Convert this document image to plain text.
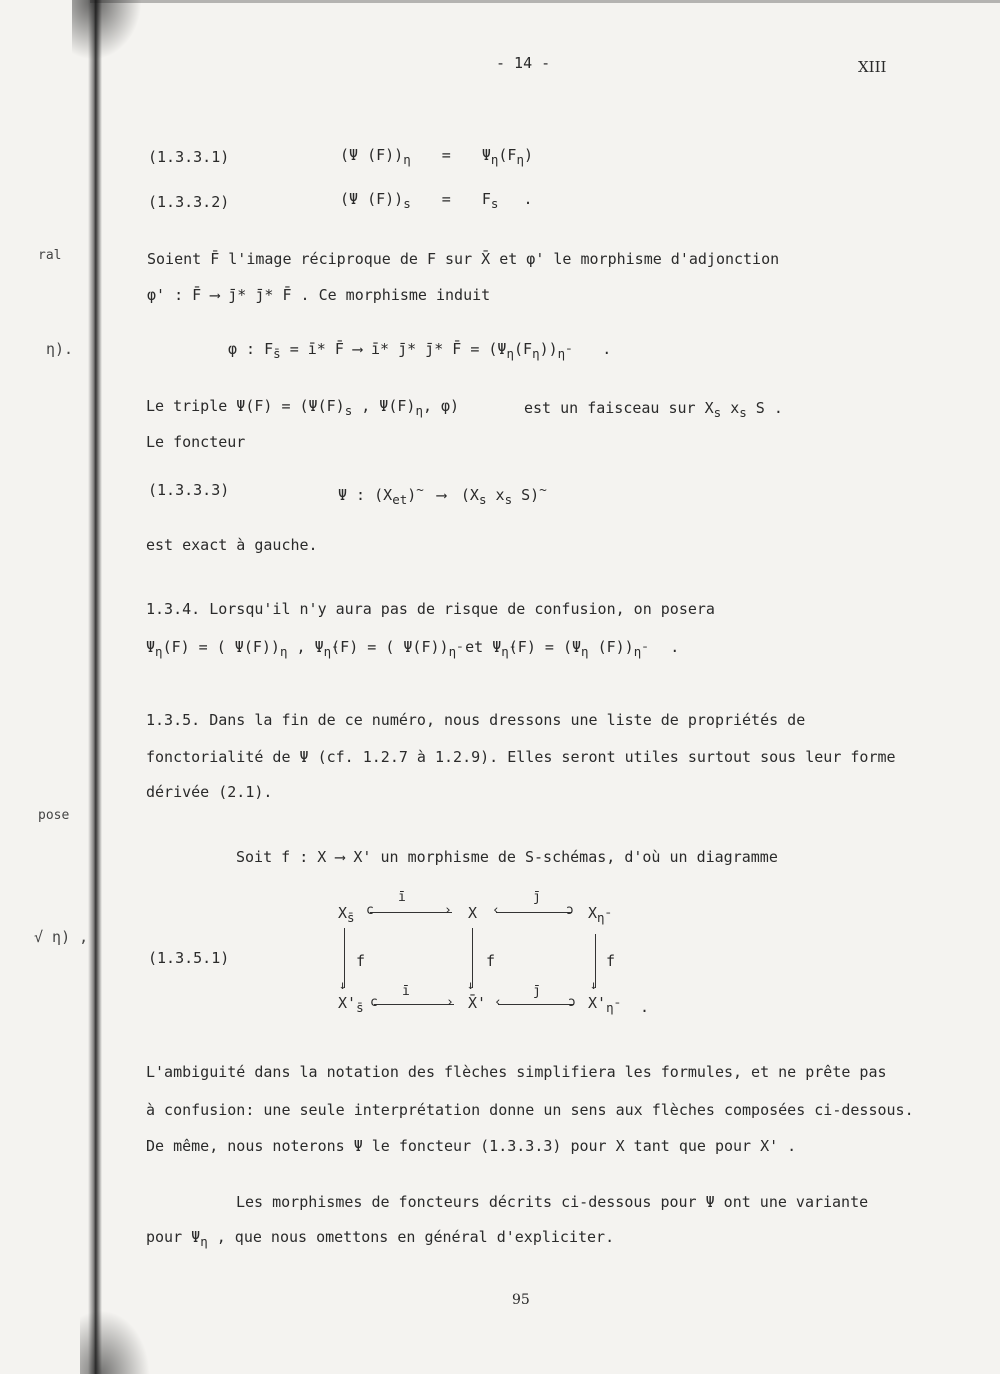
ral
η).
pose
√ η) ,
- 14 -	XIII
(1.3.3.1)	(Ψ $(F))_\eta = \Psi_\eta(F_\eta)$
(1.3.3.2)	(Ψ $(F))_s = F_s$ .
Soient F̄ l'image réciproque de F sur X̄ et φ' le morphisme d'adjonction
φ' : F̄ ⟶ j̄* j̄* F̄ . Ce morphisme induit
φ : $F_{s̄}$ = ī* F̄ ⟶ ī* j̄* j̄* F̄ = $(\Psi_\eta(F_\eta))_{\etā}$ .
Le triple $\Psi(F) = (\Psi(F)_s$ , $\Psi(F)_\eta$, φ)	est un faisceau sur $X_s$ $x_s$ S .
Le foncteur
(1.3.3.3)	Ψ : $(X_{et})^\sim$ ⟶ ($X_s$ $x_s$ S)~
est exact à gauche.
1.3.4. Lorsqu'il n'y aura pas de risque de confusion, on posera
$\Psi_\eta(F)$ = ( $\Psi(F))_\eta$ , $\Psi_{\etā}(F)$ = ( $\Psi(F))_{\etā}$ et $\Psi_{\etā}(F) = (\Psi_\eta$ $(F))_{\etā}$ .
1.3.5. Dans la fin de ce numéro, nous dressons une liste de propriétés de
fonctorialité de Ψ (cf. 1.2.7 à 1.2.9). Elles seront utiles surtout sous leur forme
dérivée (2.1).
Soit f : X ⟶ X' un morphisme de S-schémas, d'où un diagramme
(1.3.5.1)
$X_{s̄}$	X	$X_{\etā}$
$X'_{s̄}$	X̄'	$X'_{\etā}$ .
ī
›
c
j̄
‹	ɔ
ī
›
c
j̄
‹	ɔ
↓
f
↓
f
↓
f
L'ambiguité dans la notation des flèches simplifiera les formules, et ne prête pas
à confusion: une seule interprétation donne un sens aux flèches composées ci-dessous.
De même, nous noterons Ψ le foncteur (1.3.3.3) pour X tant que pour X' .
Les morphismes de foncteurs décrits ci-dessous pour Ψ ont une variante
pour $\Psi_\eta$ , que nous omettons en général d'expliciter.
95
